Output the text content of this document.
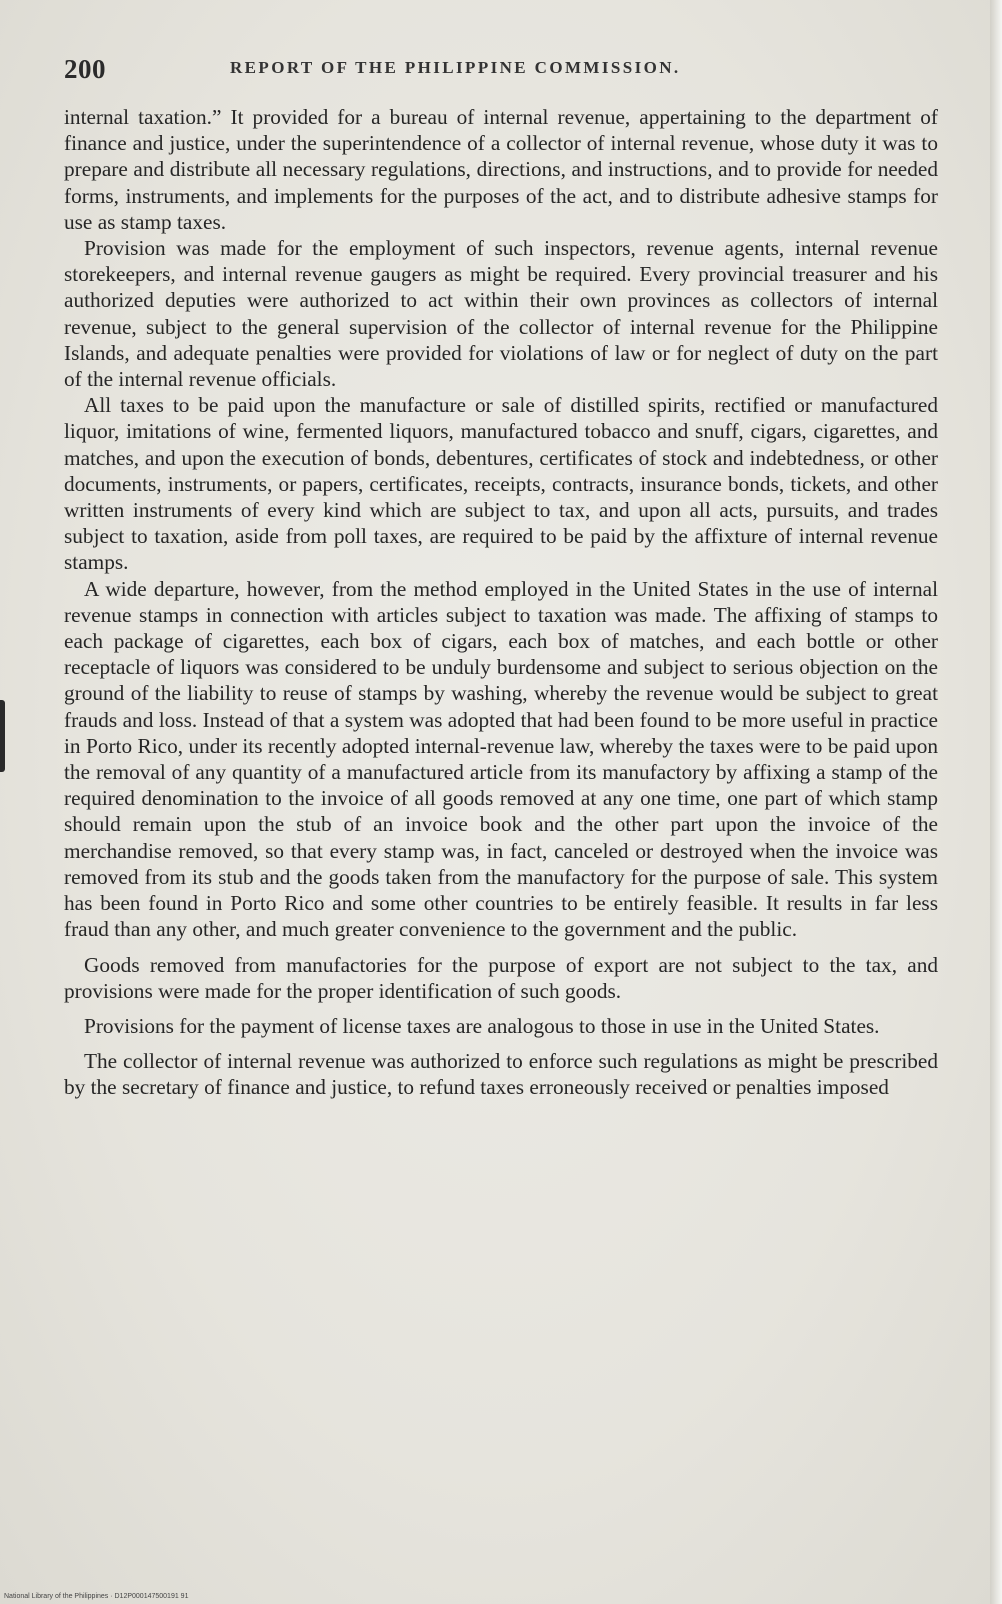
200	REPORT OF THE PHILIPPINE COMMISSION.

internal taxation.” It provided for a bureau of internal revenue, appertaining to the department of finance and justice, under the superintendence of a collector of internal revenue, whose duty it was to prepare and distribute all necessary regulations, directions, and instructions, and to provide for needed forms, instruments, and implements for the purposes of the act, and to distribute adhesive stamps for use as stamp taxes.

Provision was made for the employment of such inspectors, revenue agents, internal revenue storekeepers, and internal revenue gaugers as might be required. Every provincial treasurer and his authorized deputies were authorized to act within their own provinces as collectors of internal revenue, subject to the general supervision of the collector of internal revenue for the Philippine Islands, and adequate penalties were provided for violations of law or for neglect of duty on the part of the internal revenue officials.

All taxes to be paid upon the manufacture or sale of distilled spirits, rectified or manufactured liquor, imitations of wine, fermented liquors, manufactured tobacco and snuff, cigars, cigarettes, and matches, and upon the execution of bonds, debentures, certificates of stock and indebtedness, or other documents, instruments, or papers, certificates, receipts, contracts, insurance bonds, tickets, and other written instruments of every kind which are subject to tax, and upon all acts, pursuits, and trades subject to taxation, aside from poll taxes, are required to be paid by the affixture of internal revenue stamps.

A wide departure, however, from the method employed in the United States in the use of internal revenue stamps in connection with articles subject to taxation was made. The affixing of stamps to each package of cigarettes, each box of cigars, each box of matches, and each bottle or other receptacle of liquors was considered to be unduly burdensome and subject to serious objection on the ground of the liability to reuse of stamps by washing, whereby the revenue would be subject to great frauds and loss. Instead of that a system was adopted that had been found to be more useful in practice in Porto Rico, under its recently adopted internal-revenue law, whereby the taxes were to be paid upon the removal of any quantity of a manufactured article from its manufactory by affixing a stamp of the required denomination to the invoice of all goods removed at any one time, one part of which stamp should remain upon the stub of an invoice book and the other part upon the invoice of the merchandise removed, so that every stamp was, in fact, canceled or destroyed when the invoice was removed from its stub and the goods taken from the manufactory for the purpose of sale. This system has been found in Porto Rico and some other countries to be entirely feasible. It results in far less fraud than any other, and much greater convenience to the government and the public.

Goods removed from manufactories for the purpose of export are not subject to the tax, and provisions were made for the proper identification of such goods.

Provisions for the payment of license taxes are analogous to those in use in the United States.

The collector of internal revenue was authorized to enforce such regulations as might be prescribed by the secretary of finance and justice, to refund taxes erroneously received or penalties imposed

National Library of the Philippines · D12P000147500191 91
